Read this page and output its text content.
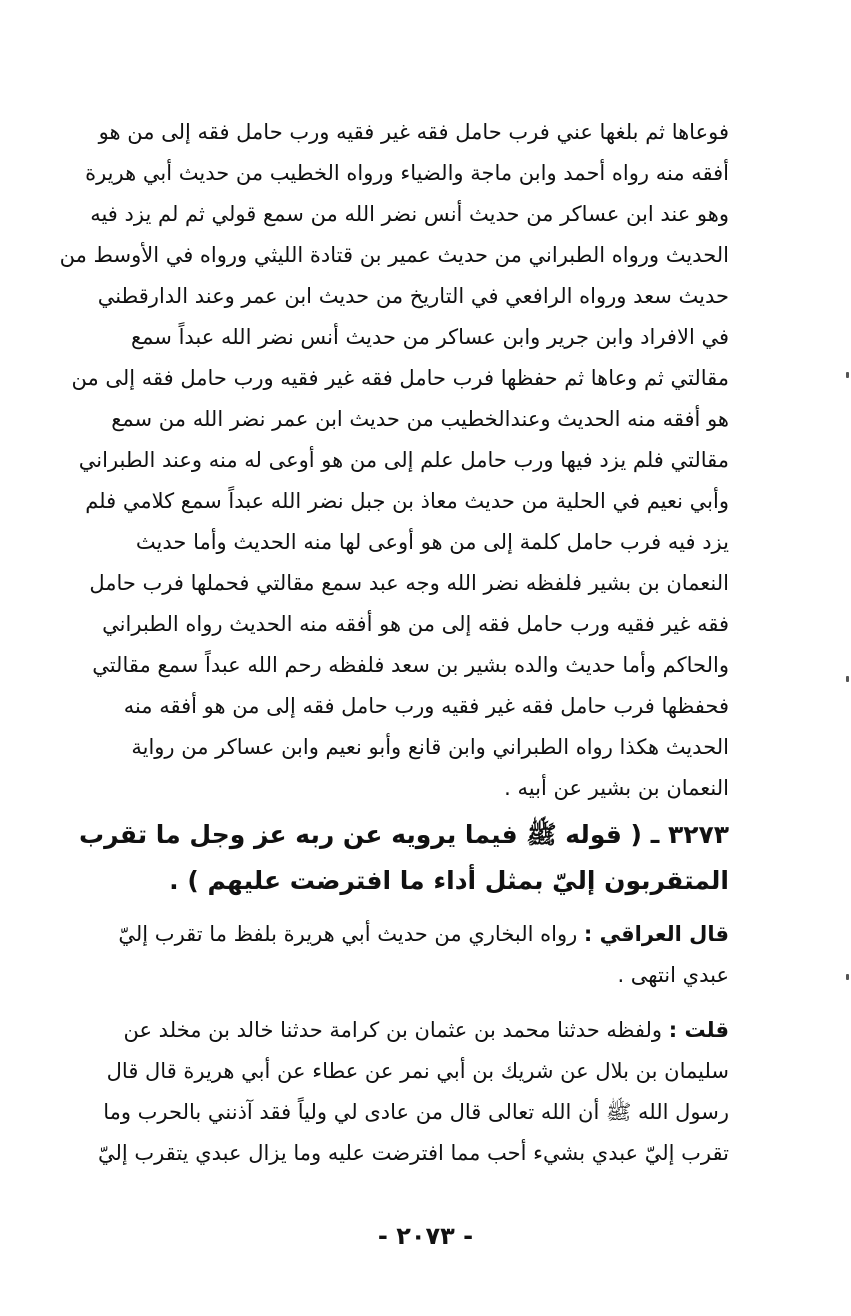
فوعاها ثم بلغها عني فرب حامل فقه غير فقيه ورب حامل فقه إلى من هو
أفقه منه رواه أحمد وابن ماجة والضياء ورواه الخطيب من حديث أبي هريرة
وهو عند ابن عساكر من حديث أنس نضر الله من سمع قولي ثم لم يزد فيه
الحديث ورواه الطبراني من حديث عمير بن قتادة الليثي ورواه في الأوسط من
حديث سعد ورواه الرافعي في التاريخ من حديث ابن عمر وعند الدارقطني
في الافراد وابن جرير وابن عساكر من حديث أنس نضر الله عبداً سمع
مقالتي ثم وعاها ثم حفظها فرب حامل فقه غير فقيه ورب حامل فقه إلى من
هو أفقه منه الحديث وعندالخطيب من حديث ابن عمر نضر الله من سمع
مقالتي فلم يزد فيها ورب حامل علم إلى من هو أوعى له منه وعند الطبراني
وأبي نعيم في الحلية من حديث معاذ بن جبل نضر الله عبداً سمع كلامي فلم
يزد فيه فرب حامل كلمة إلى من هو أوعى لها منه الحديث وأما حديث
النعمان بن بشير فلفظه نضر الله وجه عبد سمع مقالتي فحملها فرب حامل
فقه غير فقيه ورب حامل فقه إلى من هو أفقه منه الحديث رواه الطبراني
والحاكم وأما حديث والده بشير بن سعد فلفظه رحم الله عبداً سمع مقالتي
فحفظها فرب حامل فقه غير فقيه ورب حامل فقه إلى من هو أفقه منه
الحديث هكذا رواه الطبراني وابن قانع وأبو نعيم وابن عساكر من رواية
النعمان بن بشير عن أبيه .
٣٢٧٣ ـ ( قوله ﷺ فيما يرويه عن ربه عز وجل ما تقرب
المتقربون إليّ بمثل أداء ما افترضت عليهم ) .
قال العراقي : رواه البخاري من حديث أبي هريرة بلفظ ما تقرب إليّ
عبدي انتهى .
قلت : ولفظه حدثنا محمد بن عثمان بن كرامة حدثنا خالد بن مخلد عن
سليمان بن بلال عن شريك بن أبي نمر عن عطاء عن أبي هريرة قال قال
رسول الله ﷺ أن الله تعالى قال من عادى لي ولياً فقد آذنني بالحرب وما
تقرب إليّ عبدي بشيء أحب مما افترضت عليه وما يزال عبدي يتقرب إليّ
- ٢٠٧٣ -
